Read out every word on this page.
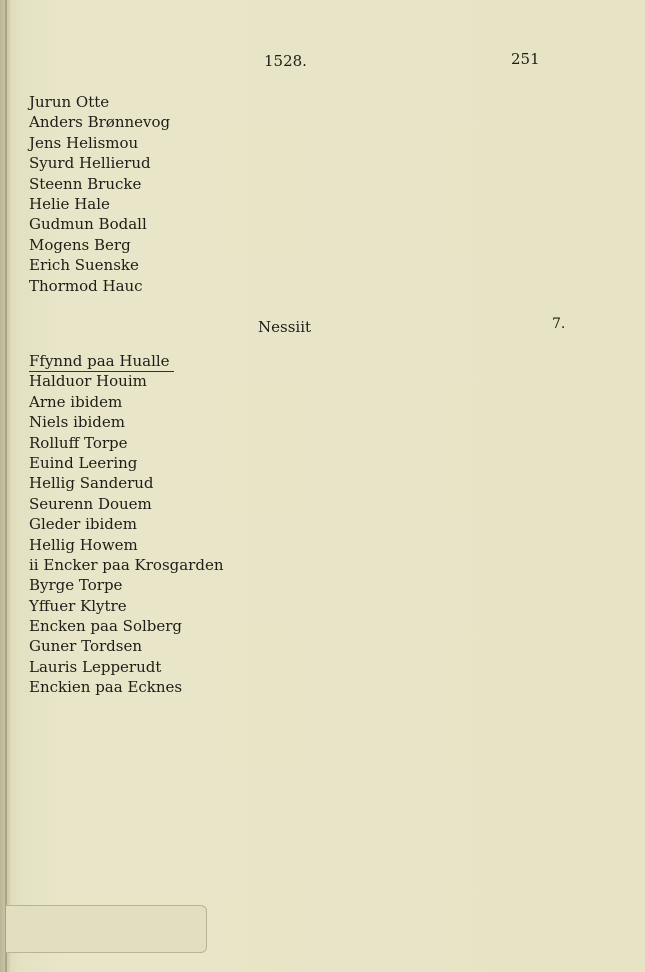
1528.	251
Jurun Otte
Anders Brønnevog
Jens Helismou
Syurd Hellierud
Steenn Brucke
Helie Hale
Gudmun Bodall
Mogens Berg
Erich Suenske
Thormod Hauc
Nessiit	7.
Ffynnd paa Hualle
Halduor Houim
Arne ibidem
Niels ibidem
Rolluff Torpe
Euind Leering
Hellig Sanderud
Seurenn Douem
Gleder ibidem
Hellig Howem
ii Encker paa Krosgarden
Byrge Torpe
Yffuer Klytre
Encken paa Solberg
Guner Tordsen
Lauris Lepperudt
Enckien paa Ecknes
